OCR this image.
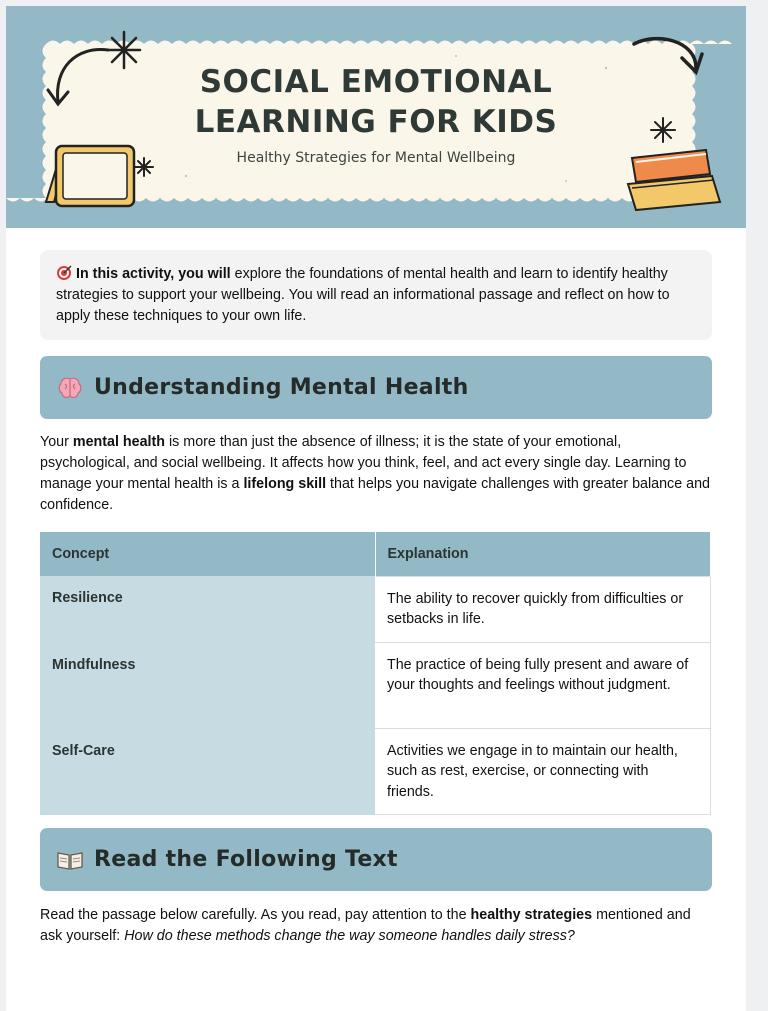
SOCIAL EMOTIONAL
LEARNING FOR KIDS
Healthy Strategies for Mental Wellbeing
In this activity, you will explore the foundations of mental health and learn to identify healthy strategies to support your wellbeing. You will read an informational passage and reflect on how to apply these techniques to your own life.
Understanding Mental Health
Your mental health is more than just the absence of illness; it is the state of your emotional, psychological, and social wellbeing. It affects how you think, feel, and act every single day. Learning to manage your mental health is a lifelong skill that helps you navigate challenges with greater balance and confidence.
Concept	Explanation
Resilience	The ability to recover quickly from difficulties or setbacks in life.
Mindfulness	The practice of being fully present and aware of your thoughts and feelings without judgment.
Self-Care	Activities we engage in to maintain our health, such as rest, exercise, or connecting with friends.
Read the Following Text
Read the passage below carefully. As you read, pay attention to the healthy strategies mentioned and ask yourself: How do these methods change the way someone handles daily stress?
